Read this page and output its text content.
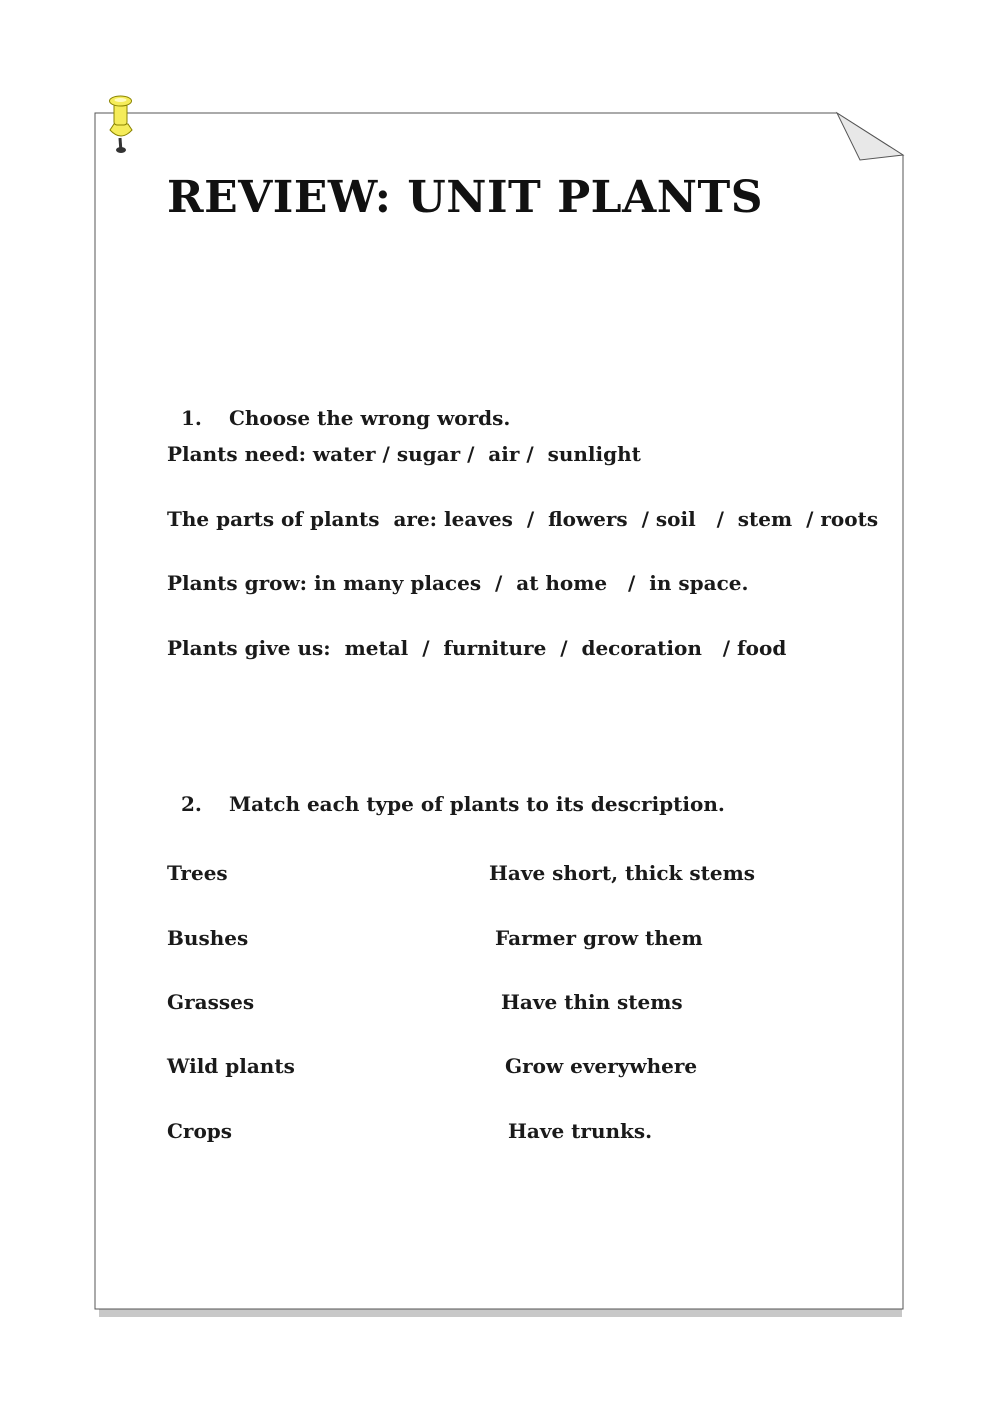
REVIEW: UNIT PLANTS

1. Choose the wrong words.

Plants need: water / sugar /  air /  sunlight
The parts of plants  are: leaves  /  flowers  / soil   /  stem  / roots
Plants grow: in many places  /  at home   /  in space.
Plants give us:  metal  /  furniture  /  decoration   / food

2. Match each type of plants to its description.

Trees
Bushes
Grasses
Wild plants
Crops
Have short, thick stems
Farmer grow them
Have thin stems
Grow everywhere
Have trunks.
